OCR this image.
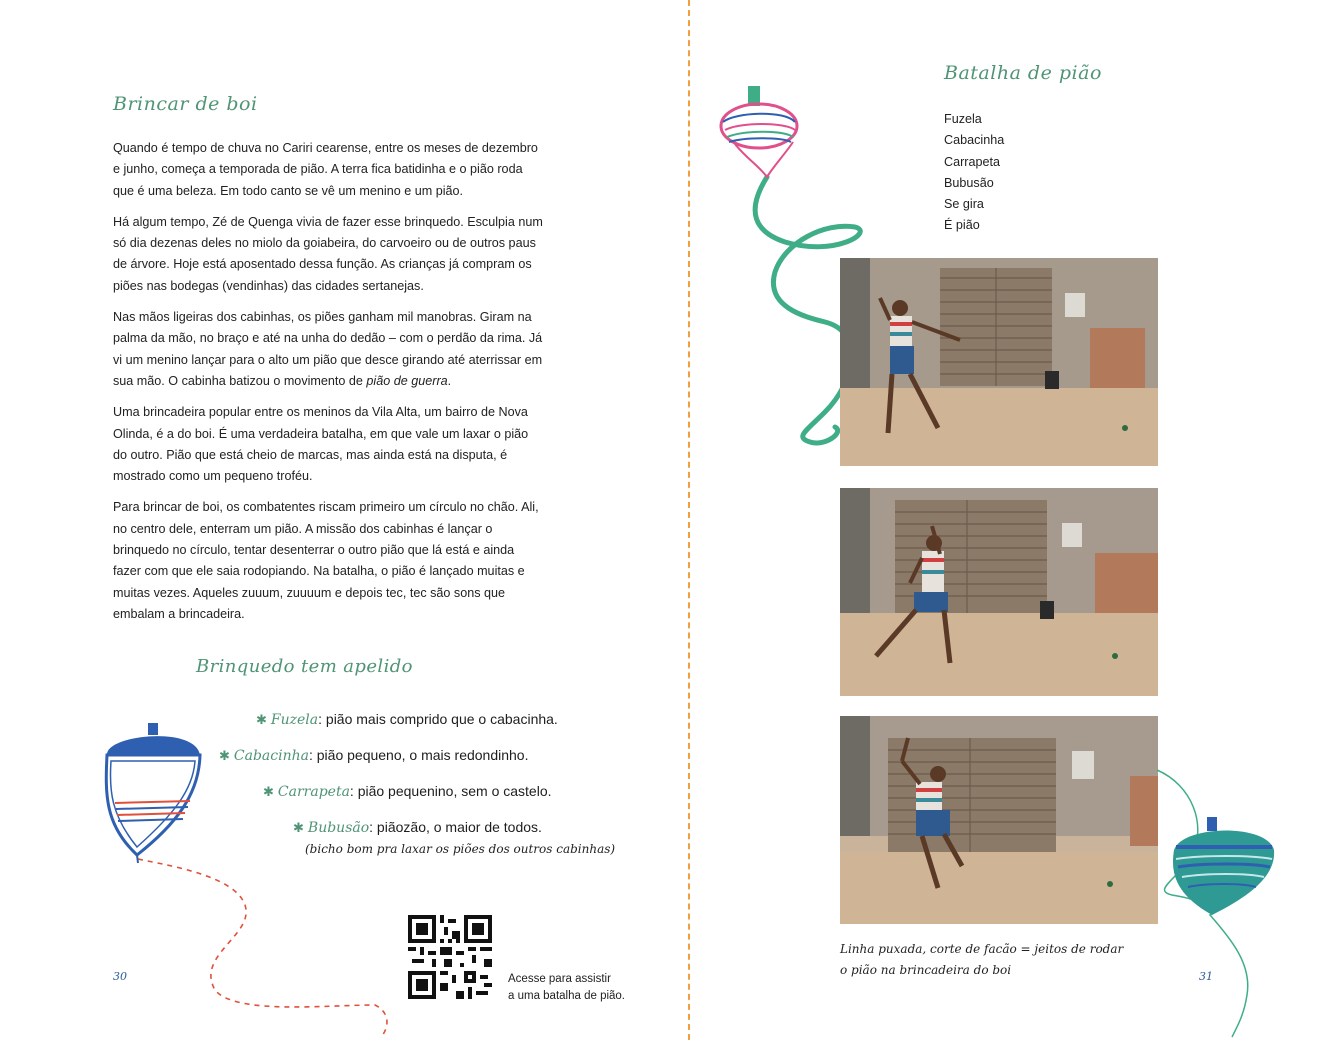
Brincar de boi

Quando é tempo de chuva no Cariri cearense, entre os meses de dezembro e junho, começa a temporada de pião. A terra fica batidinha e o pião roda que é uma beleza. Em todo canto se vê um menino e um pião.

Há algum tempo, Zé de Quenga vivia de fazer esse brinquedo. Esculpia num só dia dezenas deles no miolo da goiabeira, do carvoeiro ou de outros paus de árvore. Hoje está aposentado dessa função. As crianças já compram os piões nas bodegas (vendinhas) das cidades sertanejas.

Nas mãos ligeiras dos cabinhas, os piões ganham mil manobras. Giram na palma da mão, no braço e até na unha do dedão – com o perdão da rima. Já vi um menino lançar para o alto um pião que desce girando até aterrissar em sua mão. O cabinha batizou o movimento de pião de guerra.

Uma brincadeira popular entre os meninos da Vila Alta, um bairro de Nova Olinda, é a do boi. É uma verdadeira batalha, em que vale um laxar o pião do outro. Pião que está cheio de marcas, mas ainda está na disputa, é mostrado como um pequeno troféu.

Para brincar de boi, os combatentes riscam primeiro um círculo no chão. Ali, no centro dele, enterram um pião. A missão dos cabinhas é lançar o brinquedo no círculo, tentar desenterrar o outro pião que lá está e ainda fazer com que ele saia rodopiando. Na batalha, o pião é lançado muitas e muitas vezes. Aqueles zuuum, zuuuum e depois tec, tec são sons que embalam a brincadeira.

Brinquedo tem apelido
✱ Fuzela: pião mais comprido que o cabacinha.
✱ Cabacinha: pião pequeno, o mais redondinho.
✱ Carrapeta: pião pequenino, sem o castelo.
✱ Bubusão: piãozão, o maior de todos.
(bicho bom pra laxar os piões dos outros cabinhas)
Acesse para assistir
a uma batalha de pião.
30
Batalha de pião
Fuzela
Cabacinha
Carrapeta
Bubusão
Se gira
É pião
Linha puxada, corte de facão = jeitos de rodar
o pião na brincadeira do boi	31
